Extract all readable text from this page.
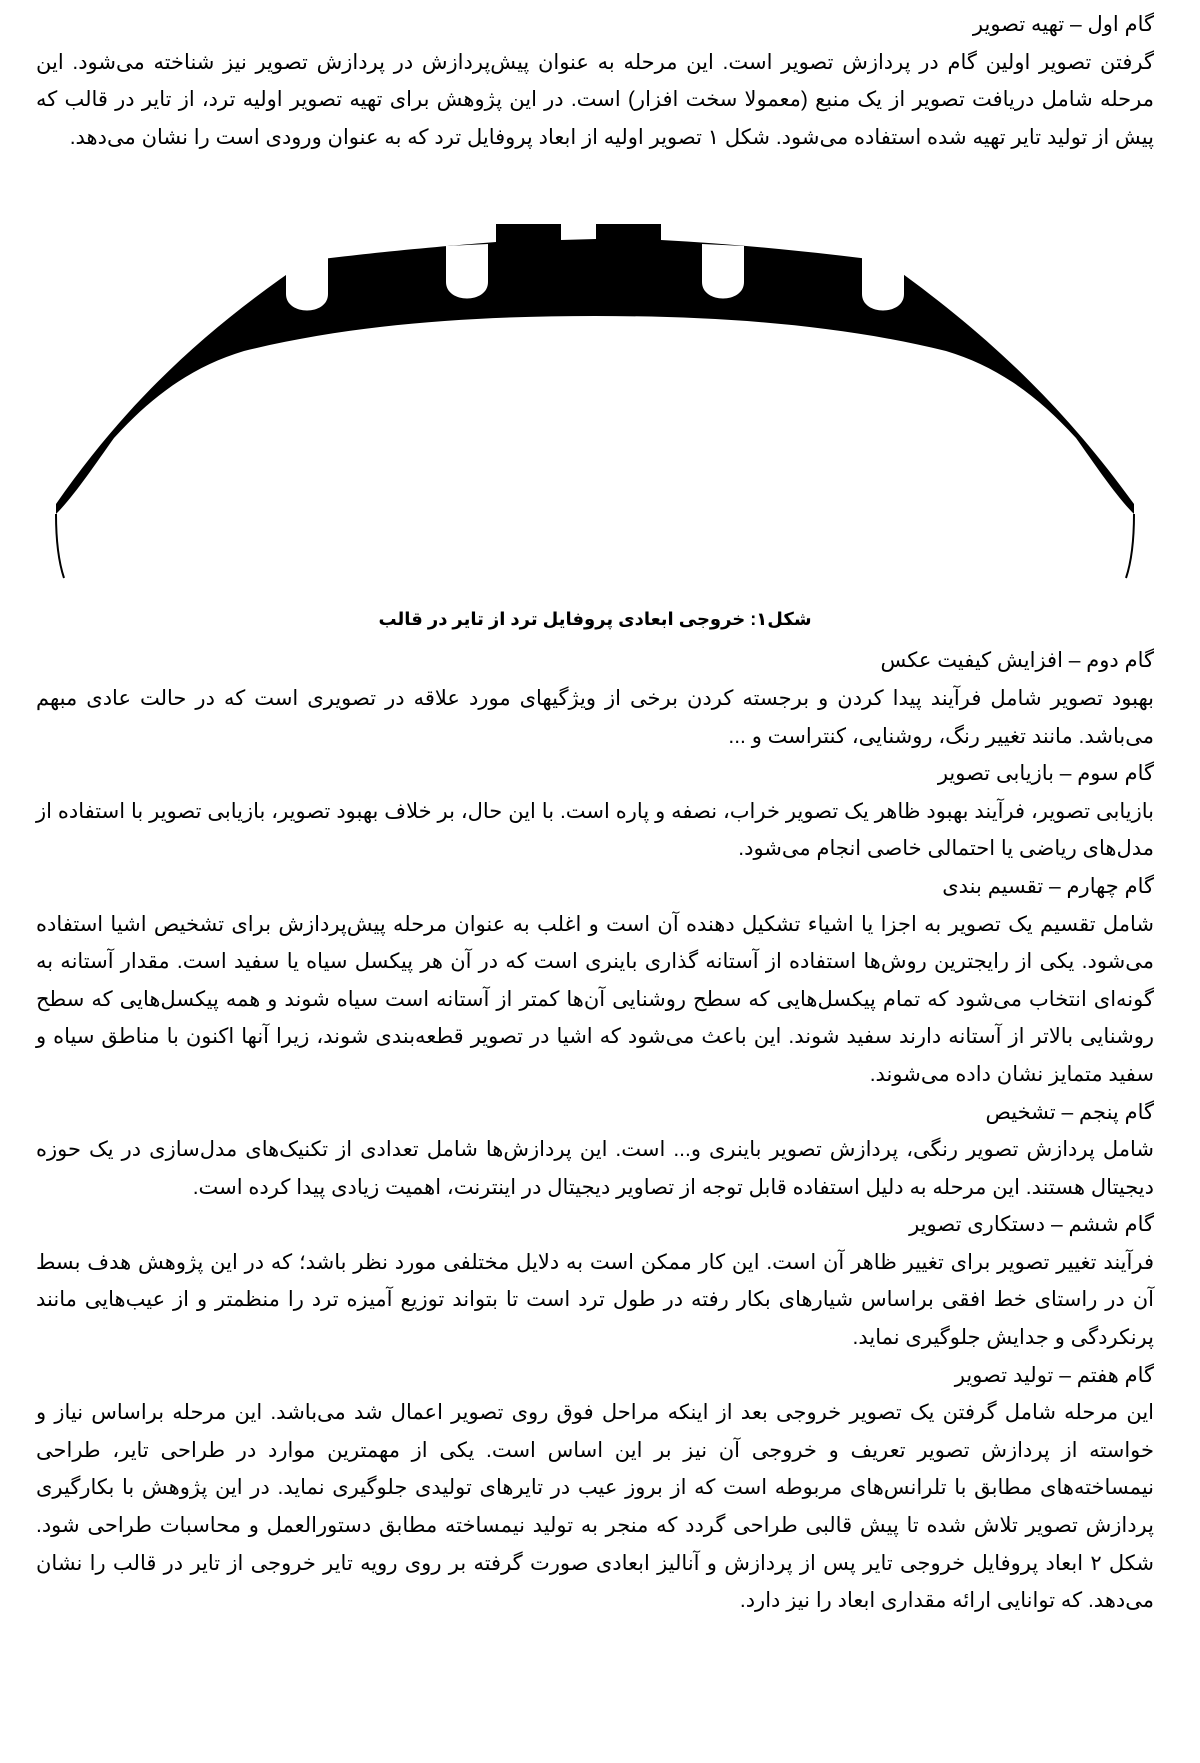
گام اول – تهیه تصویر

گرفتن تصویر اولین گام در پردازش تصویر است. این مرحله به عنوان پیش‌پردازش در پردازش تصویر نیز شناخته می‌شود. این مرحله شامل دریافت تصویر از یک منبع (معمولا سخت افزار) است. در این پژوهش برای تهیه تصویر اولیه ترد، از تایر در قالب که پیش از تولید تایر تهیه شده استفاده می‌شود. شکل ۱ تصویر اولیه از ابعاد پروفایل ترد که به عنوان ورودی است را نشان می‌دهد.

شکل۱: خروجی ابعادی پروفایل ترد از تایر در قالب

گام دوم – افزایش کیفیت عکس

بهبود تصویر شامل فرآیند پیدا کردن و برجسته کردن برخی از ویژگیهای مورد علاقه در تصویری است که در حالت عادی مبهم می‌باشد. مانند تغییر رنگ، روشنایی، کنتراست و ...

گام سوم – بازیابی تصویر

بازیابی تصویر، فرآیند بهبود ظاهر یک تصویر خراب، نصفه و پاره است. با این حال، بر خلاف بهبود تصویر، بازیابی تصویر با استفاده از مدل‌های ریاضی یا احتمالی خاصی انجام می‌شود.

گام چهارم – تقسیم بندی

شامل تقسیم یک تصویر به اجزا یا اشیاء تشکیل دهنده آن است و اغلب به عنوان مرحله پیش‌پردازش برای تشخیص اشیا استفاده می‌شود. یکی از رایجترین روش‌ها استفاده از آستانه گذاری باینری است که در آن هر پیکسل سیاه یا سفید است. مقدار آستانه به گونه‌ای انتخاب می‌شود که تمام پیکسل‌هایی که سطح روشنایی آن‌ها کمتر از آستانه است سیاه شوند و همه پیکسل‌هایی که سطح روشنایی بالاتر از آستانه دارند سفید شوند. این باعث می‌شود که اشیا در تصویر قطعه‌بندی شوند، زیرا آنها اکنون با مناطق سیاه و سفید متمایز نشان داده می‌شوند.

گام پنجم – تشخیص

شامل پردازش تصویر رنگی، پردازش تصویر باینری و... است. این پردازش‌ها شامل تعدادی از تکنیک‌های مدل‌سازی در یک حوزه دیجیتال هستند. این مرحله به دلیل استفاده قابل توجه از تصاویر دیجیتال در اینترنت، اهمیت زیادی پیدا کرده است.

گام ششم – دستکاری تصویر

فرآیند تغییر تصویر برای تغییر ظاهر آن است. این کار ممکن است به دلایل مختلفی مورد نظر باشد؛ که در این پژوهش هدف بسط آن در راستای خط افقی براساس شیارهای بکار رفته در طول ترد است تا بتواند توزیع آمیزه ترد را منظمتر و از عیب‌هایی مانند پرنکردگی و جدایش جلوگیری نماید.

گام هفتم – تولید تصویر

این مرحله شامل گرفتن یک تصویر خروجی بعد از اینکه مراحل فوق روی تصویر اعمال شد می‌باشد. این مرحله براساس نیاز و خواسته از پردازش تصویر تعریف و خروجی آن نیز بر این اساس است. یکی از مهمترین موارد در طراحی تایر، طراحی نیمساخته‌های مطابق با تلرانس‌های مربوطه است که از بروز عیب در تایرهای تولیدی جلوگیری نماید. در این پژوهش با بکارگیری پردازش تصویر تلاش شده تا پیش قالبی طراحی گردد که منجر به تولید نیمساخته مطابق دستورالعمل و محاسبات طراحی شود. شکل ۲ ابعاد پروفایل خروجی تایر پس از پردازش و آنالیز ابعادی صورت گرفته بر روی رویه تایر خروجی از تایر در قالب را نشان می‌دهد. که توانایی ارائه مقداری ابعاد را نیز دارد.
